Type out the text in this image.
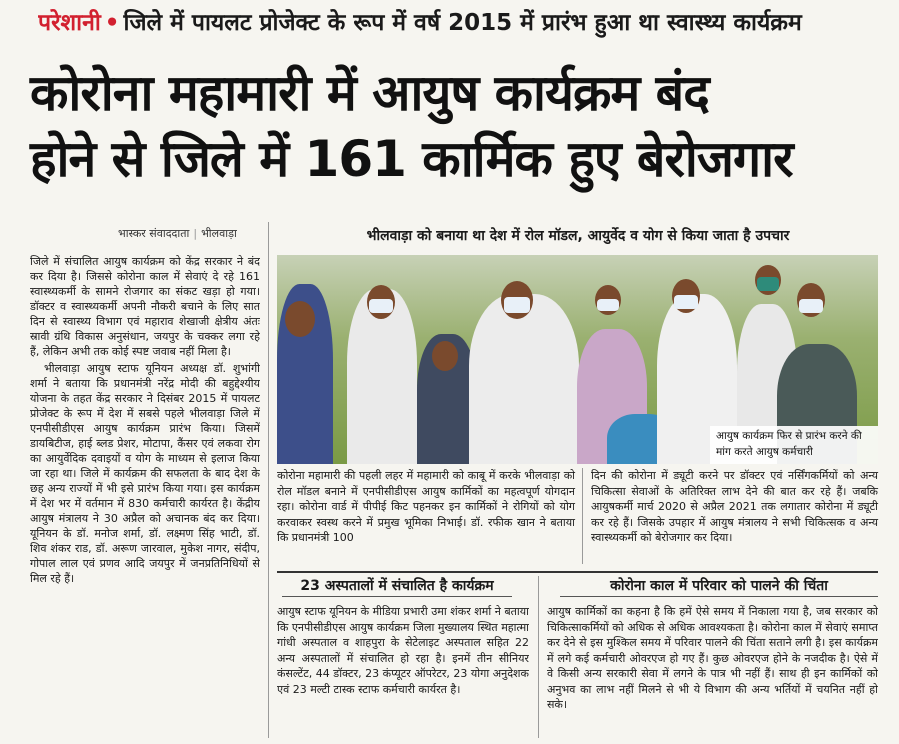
परेशानी • जिले में पायलट प्रोजेक्ट के रूप में वर्ष 2015 में प्रारंभ हुआ था स्वास्थ्य कार्यक्रम
कोरोना महामारी में आयुष कार्यक्रम बंद
होने से जिले में 161 कार्मिक हुए बेरोजगार
भास्कर संवाददाता | भीलवाड़ा

जिले में संचालित आयुष कार्यक्रम को केंद्र सरकार ने बंद कर दिया है। जिससे कोरोना काल में सेवाएं दे रहे 161 स्वास्थ्यकर्मी के सामने रोजगार का संकट खड़ा हो गया। डॉक्टर व स्वास्थ्यकर्मी अपनी नौकरी बचाने के लिए सात दिन से स्वास्थ्य विभाग एवं महाराव शेखाजी क्षेत्रीय अंतः स्रावी ग्रंथि विकास अनुसंधान, जयपुर के चक्कर लगा रहे हैं, लेकिन अभी तक कोई स्पष्ट जवाब नहीं मिला है।

भीलवाड़ा आयुष स्टाफ यूनियन अध्यक्ष डॉ. शुभांगी शर्मा ने बताया कि प्रधानमंत्री नरेंद्र मोदी की बहुद्देश्यीय योजना के तहत केंद्र सरकार ने दिसंबर 2015 में पायलट प्रोजेक्ट के रूप में देश में सबसे पहले भीलवाड़ा जिले में एनपीसीडीएस आयुष कार्यक्रम प्रारंभ किया। जिसमें डायबिटीज, हाई ब्लड प्रेशर, मोटापा, कैंसर एवं लकवा रोग का आयुर्वेदिक दवाइयों व योग के माध्यम से इलाज किया जा रहा था। जिले में कार्यक्रम की सफलता के बाद देश के छह अन्य राज्यों में भी इसे प्रारंभ किया गया। इस कार्यक्रम में देश भर में वर्तमान में 830 कर्मचारी कार्यरत है। केंद्रीय आयुष मंत्रालय ने 30 अप्रैल को अचानक बंद कर दिया। यूनियन के डॉ. मनोज शर्मा, डॉ. लक्ष्मण सिंह भाटी, डॉ. शिव शंकर राड, डॉ. अरूण जारवाल, मुकेश नागर, संदीप, गोपाल लाल एवं प्रणव आदि जयपुर में जनप्रतिनिधियों से मिल रहे हैं।

भीलवाड़ा को बनाया था देश में रोल मॉडल, आयुर्वेद व योग से किया जाता है उपचार
आयुष कार्यक्रम फिर से प्रारंभ करने की मांग करते आयुष कर्मचारी
कोरोना महामारी की पहली लहर में महामारी को काबू में करके भीलवाड़ा को रोल मॉडल बनाने में एनपीसीडीएस आयुष कार्मिकों का महत्वपूर्ण योगदान रहा। कोरोना वार्ड में पीपीई किट पहनकर इन कार्मिकों ने रोगियों को योग करवाकर स्वस्थ करने में प्रमुख भूमिका निभाई। डॉ. रफीक खान ने बताया कि प्रधानमंत्री 100
दिन की कोरोना में ड्यूटी करने पर डॉक्टर एवं नर्सिंगकर्मियों को अन्य चिकित्सा सेवाओं के अतिरिक्त लाभ देने की बात कर रहे हैं। जबकि आयुषकर्मी मार्च 2020 से अप्रैल 2021 तक लगातार कोरोना में ड्यूटी कर रहे हैं। जिसके उपहार में आयुष मंत्रालय ने सभी चिकित्सक व अन्य स्वास्थ्यकर्मी को बेरोजगार कर दिया।
23 अस्पतालों में संचालित है कार्यक्रम	कोरोना काल में परिवार को पालने की चिंता
आयुष स्टाफ यूनियन के मीडिया प्रभारी उमा शंकर शर्मा ने बताया कि एनपीसीडीएस आयुष कार्यक्रम जिला मुख्यालय स्थित महात्मा गांधी अस्पताल व शाहपुरा के सेटेलाइट अस्पताल सहित 22 अन्य अस्पतालों में संचालित हो रहा है। इनमें तीन सीनियर कंसल्टेंट, 44 डॉक्टर, 23 कंप्यूटर ऑपरेटर, 23 योगा अनुदेशक एवं 23 मल्टी टास्क स्टाफ कर्मचारी कार्यरत है।
आयुष कार्मिकों का कहना है कि हमें ऐसे समय में निकाला गया है, जब सरकार को चिकित्साकर्मियों को अधिक से अधिक आवश्यकता है। कोरोना काल में सेवाएं समाप्त कर देने से इस मुश्किल समय में परिवार पालने की चिंता सताने लगी है। इस कार्यक्रम में लगे कई कर्मचारी ओवरएज हो गए हैं। कुछ ओवरएज होने के नजदीक है। ऐसे में वे किसी अन्य सरकारी सेवा में लगने के पात्र भी नहीं हैं। साथ ही इन कार्मिकों को अनुभव का लाभ नहीं मिलने से भी ये विभाग की अन्य भर्तियों में चयनित नहीं हो सके।
